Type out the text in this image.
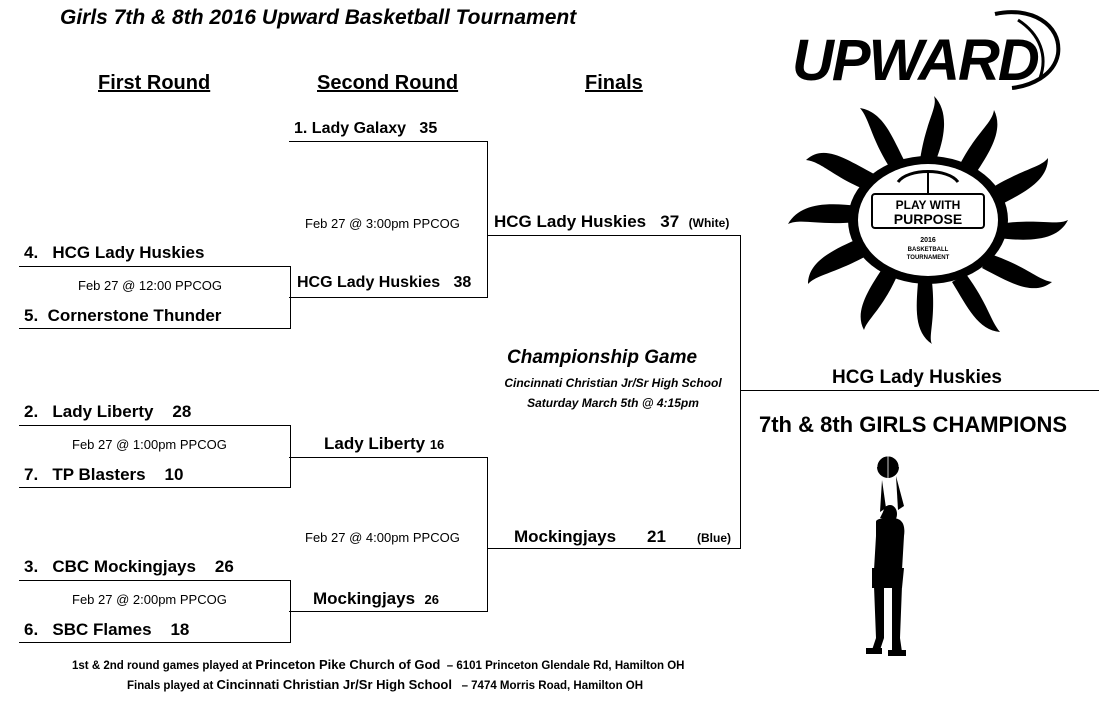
Girls 7th & 8th 2016 Upward Basketball Tournament
First Round	Second Round	Finals
4. HCG Lady Huskies
Feb 27 @ 12:00 PPCOG
5. Cornerstone Thunder
2. Lady Liberty 28
Feb 27 @ 1:00pm PPCOG
7. TP Blasters 10
3. CBC Mockingjays 26
Feb 27 @ 2:00pm PPCOG
6. SBC Flames 18
1. Lady Galaxy 35
Feb 27 @ 3:00pm PPCOG
HCG Lady Huskies 38
Lady Liberty 16
Feb 27 @ 4:00pm PPCOG
Mockingjays 26
HCG Lady Huskies 37 (White)
Mockingjays 21	(Blue)
Championship Game
Cincinnati Christian Jr/Sr High School
Saturday March 5th @ 4:15pm
HCG Lady Huskies
7th & 8th GIRLS CHAMPIONS
UPWARD
PLAY WITH
PURPOSE
2016
BASKETBALL
TOURNAMENT
1st & 2nd round games played at Princeton Pike Church of God – 6101 Princeton Glendale Rd, Hamilton OH
Finals played at Cincinnati Christian Jr/Sr High School – 7474 Morris Road, Hamilton OH
